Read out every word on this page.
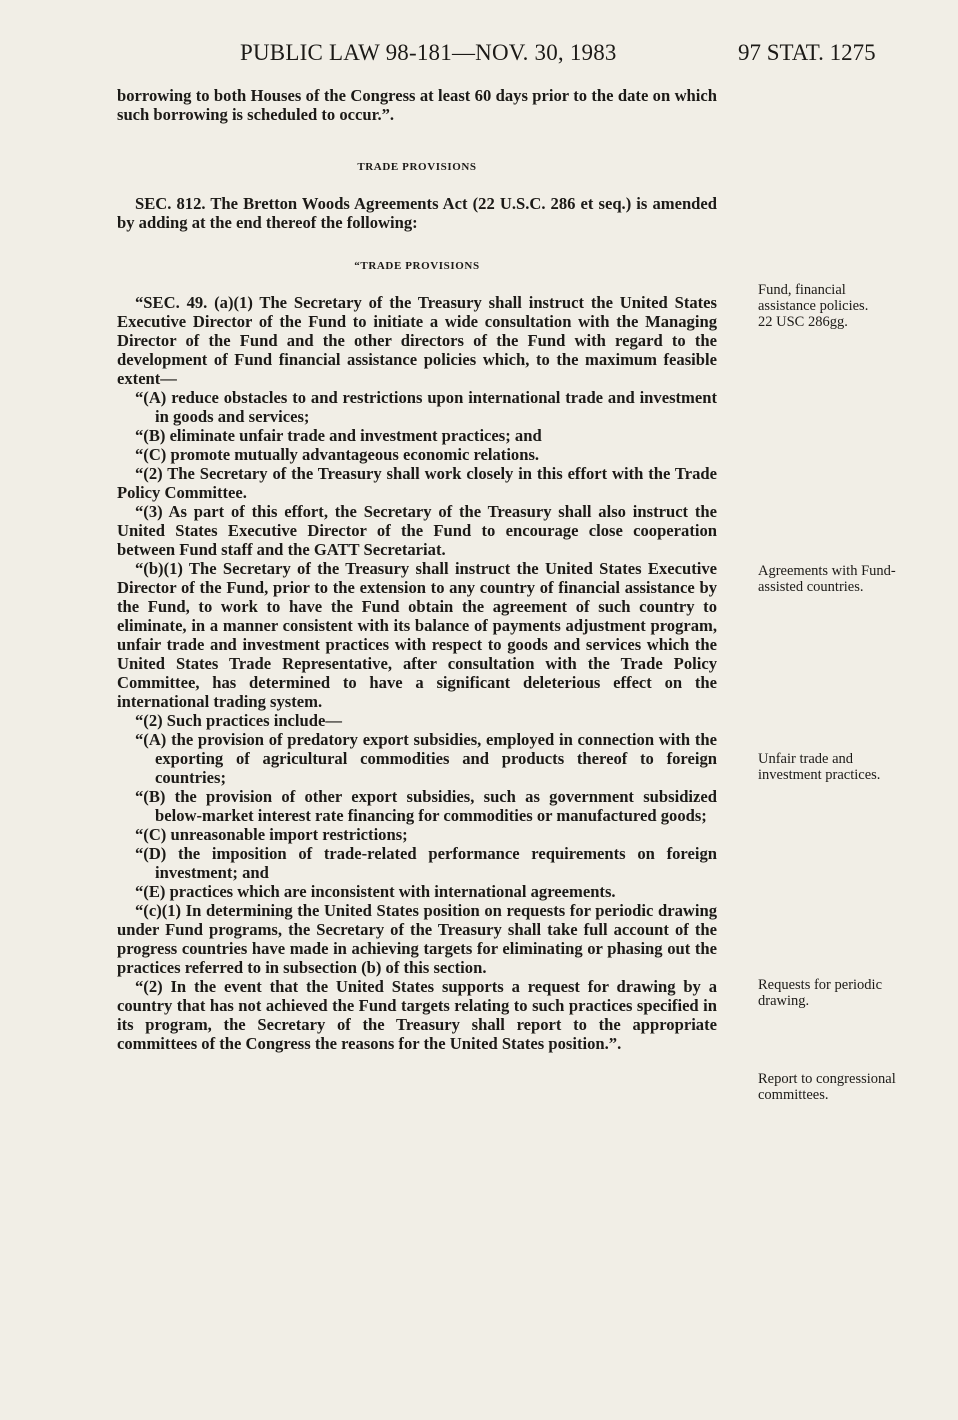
PUBLIC LAW 98-181—NOV. 30, 1983	97 STAT. 1275

borrowing to both Houses of the Congress at least 60 days prior to the date on which such borrowing is scheduled to occur.”.

TRADE PROVISIONS

SEC. 812. The Bretton Woods Agreements Act (22 U.S.C. 286 et seq.) is amended by adding at the end thereof the following:

“TRADE PROVISIONS

“SEC. 49. (a)(1) The Secretary of the Treasury shall instruct the United States Executive Director of the Fund to initiate a wide consultation with the Managing Director of the Fund and the other directors of the Fund with regard to the development of Fund financial assistance policies which, to the maximum feasible extent—

“(A) reduce obstacles to and restrictions upon international trade and investment in goods and services;

“(B) eliminate unfair trade and investment practices; and

“(C) promote mutually advantageous economic relations.

“(2) The Secretary of the Treasury shall work closely in this effort with the Trade Policy Committee.

“(3) As part of this effort, the Secretary of the Treasury shall also instruct the United States Executive Director of the Fund to encourage close cooperation between Fund staff and the GATT Secretariat.

“(b)(1) The Secretary of the Treasury shall instruct the United States Executive Director of the Fund, prior to the extension to any country of financial assistance by the Fund, to work to have the Fund obtain the agreement of such country to eliminate, in a manner consistent with its balance of payments adjustment program, unfair trade and investment practices with respect to goods and services which the United States Trade Representative, after consultation with the Trade Policy Committee, has determined to have a significant deleterious effect on the international trading system.

“(2) Such practices include—

“(A) the provision of predatory export subsidies, employed in connection with the exporting of agricultural commodities and products thereof to foreign countries;

“(B) the provision of other export subsidies, such as government subsidized below-market interest rate financing for commodities or manufactured goods;

“(C) unreasonable import restrictions;

“(D) the imposition of trade-related performance requirements on foreign investment; and

“(E) practices which are inconsistent with international agreements.

“(c)(1) In determining the United States position on requests for periodic drawing under Fund programs, the Secretary of the Treasury shall take full account of the progress countries have made in achieving targets for eliminating or phasing out the practices referred to in subsection (b) of this section.

“(2) In the event that the United States supports a request for drawing by a country that has not achieved the Fund targets relating to such practices specified in its program, the Secretary of the Treasury shall report to the appropriate committees of the Congress the reasons for the United States position.”.

Fund, financial assistance policies.
22 USC 286gg.
Agreements with Fund-assisted countries.
Unfair trade and investment practices.
Requests for periodic drawing.
Report to congressional committees.
